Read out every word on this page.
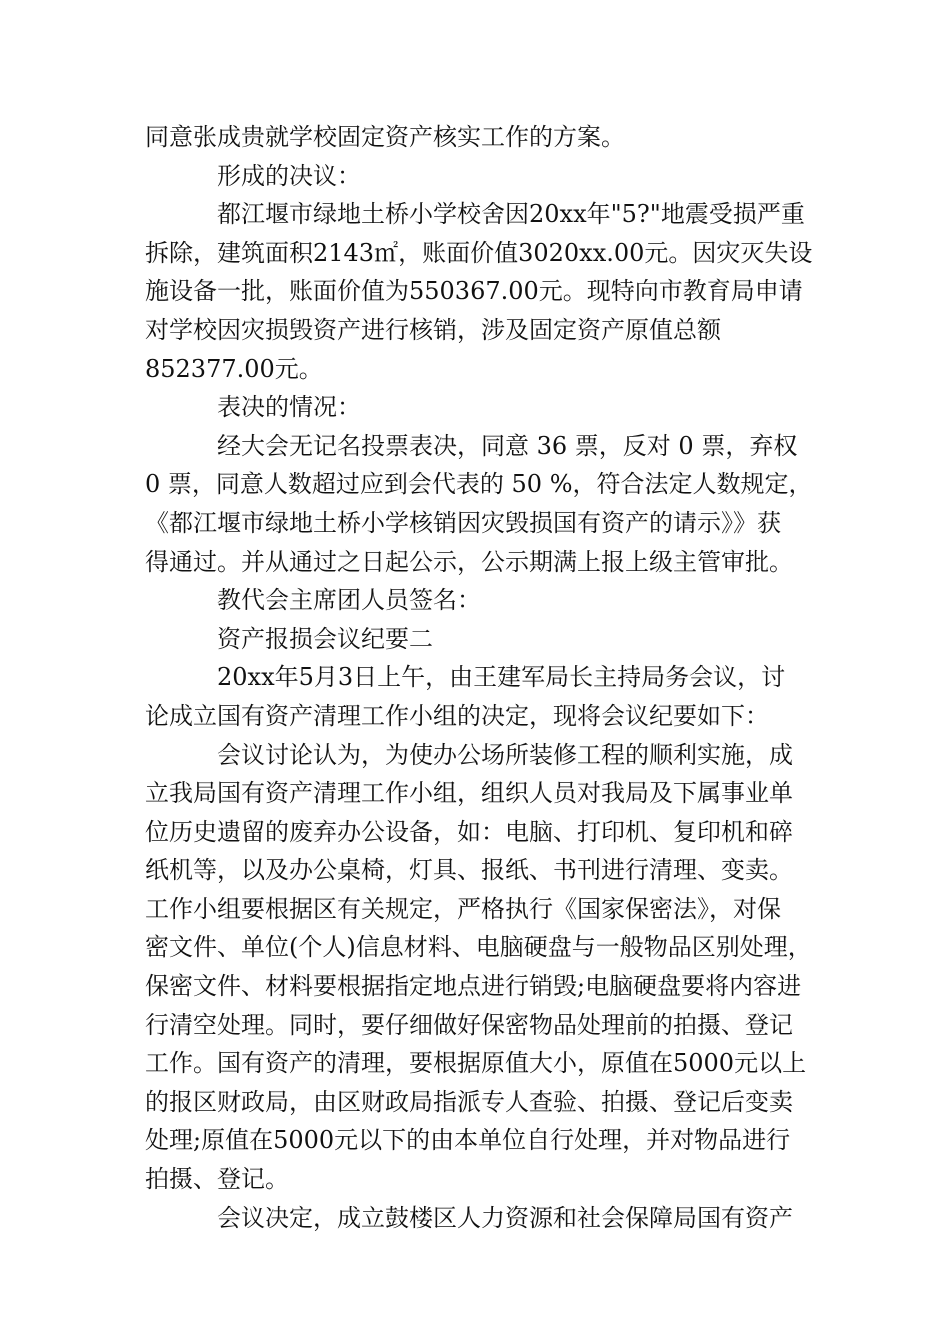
同意张成贵就学校固定资产核实工作的方案。
形成的决议：
都江堰市绿地土桥小学校舍因20xx年"5?"地震受损严重
拆除，建筑面积2143㎡，账面价值3020xx.00元。因灾灭失设
施设备一批，账面价值为550367.00元。现特向市教育局申请
对学校因灾损毁资产进行核销，涉及固定资产原值总额
852377.00元。
表决的情况：
经大会无记名投票表决，同意 36 票，反对 0 票，弃权
0 票，同意人数超过应到会代表的 50 %，符合法定人数规定，
《都江堰市绿地土桥小学核销因灾毁损国有资产的请示》》获
得通过。并从通过之日起公示，公示期满上报上级主管审批。
教代会主席团人员签名：
资产报损会议纪要二
20xx年5月3日上午，由王建军局长主持局务会议，讨
论成立国有资产清理工作小组的决定，现将会议纪要如下：
会议讨论认为，为使办公场所装修工程的顺利实施，成
立我局国有资产清理工作小组，组织人员对我局及下属事业单
位历史遗留的废弃办公设备，如：电脑、打印机、复印机和碎
纸机等，以及办公桌椅，灯具、报纸、书刊进行清理、变卖。
工作小组要根据区有关规定，严格执行《国家保密法》，对保
密文件、单位(个人)信息材料、电脑硬盘与一般物品区别处理，
保密文件、材料要根据指定地点进行销毁;电脑硬盘要将内容进
行清空处理。同时，要仔细做好保密物品处理前的拍摄、登记
工作。国有资产的清理，要根据原值大小，原值在5000元以上
的报区财政局，由区财政局指派专人查验、拍摄、登记后变卖
处理;原值在5000元以下的由本单位自行处理，并对物品进行
拍摄、登记。
会议决定，成立鼓楼区人力资源和社会保障局国有资产
